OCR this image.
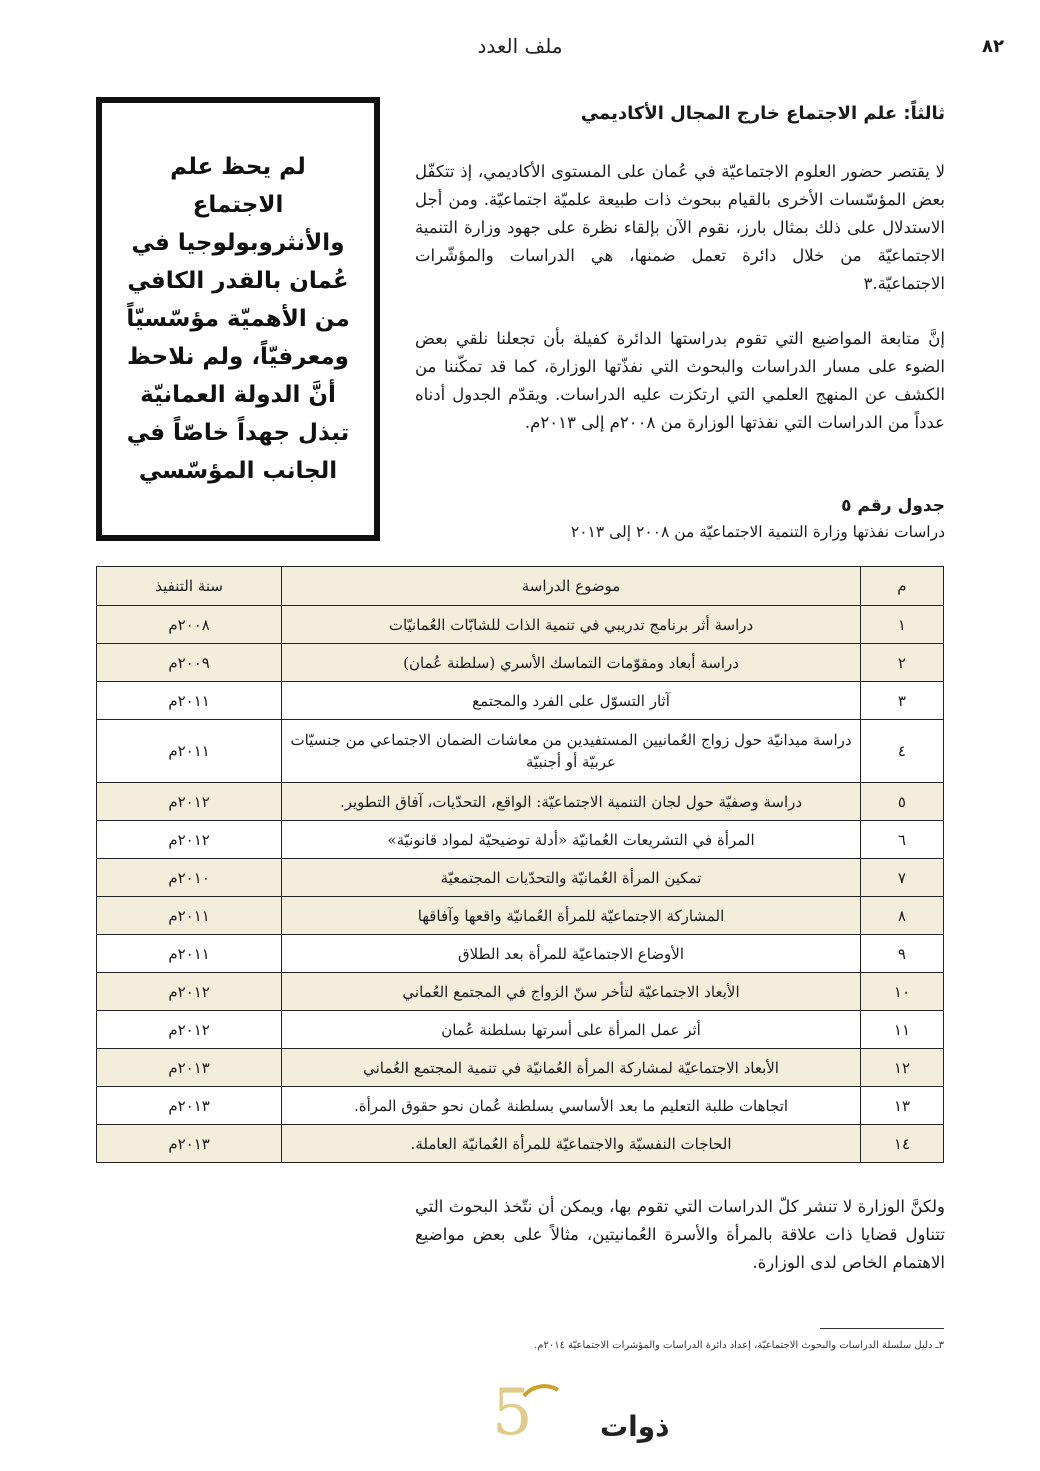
٨٢
ملف العدد

لم يحظ علم الاجتماع والأنثروبولوجيا في عُمان بالقدر الكافي من الأهميّة مؤسّسيّاً ومعرفيّاً، ولم نلاحظ أنَّ الدولة العمانيّة تبذل جهداً خاصّاً في الجانب المؤسّسي

ثالثاً: علم الاجتماع خارج المجال الأكاديمي
لا يقتصر حضور العلوم الاجتماعيّة في عُمان على المستوى الأكاديمي، إذ تتكفّل بعض المؤسّسات الأخرى بالقيام ببحوث ذات طبيعة علميّة اجتماعيّة. ومن أجل الاستدلال على ذلك بمثال بارز، نقوم الآن بإلقاء نظرة على جهود وزارة التنمية الاجتماعيّة من خلال دائرة تعمل ضمنها، هي الدراسات والمؤشّرات الاجتماعيّة.٣
إنَّ متابعة المواضيع التي تقوم بدراستها الدائرة كفيلة بأن تجعلنا نلقي بعض الضوء على مسار الدراسات والبحوث التي نفذّتها الوزارة، كما قد تمكّننا من الكشف عن المنهج العلمي التي ارتكزت عليه الدراسات. ويقدّم الجدول أدناه عدداً من الدراسات التي نفذتها الوزارة من ٢٠٠٨م إلى ٢٠١٣م.
جدول رقم ٥
دراسات نفذتها وزارة التنمية الاجتماعيّة من ٢٠٠٨ إلى ٢٠١٣
م	موضوع الدراسة	سنة التنفيذ
١	دراسة أثر برنامج تدريبي في تنمية الذات للشابّات العُمانيّات	٢٠٠٨م
٢	دراسة أبعاد ومقوّمات التماسك الأسري (سلطنة عُمان)	٢٠٠٩م
٣	آثار التسوّل على الفرد والمجتمع	٢٠١١م
٤	دراسة ميدانيّة حول زواج العُمانيين المستفيدين من معاشات الضمان الاجتماعي من جنسيّات عربيّة أو أجنبيّة	٢٠١١م
٥	دراسة وصفيّة حول لجان التنمية الاجتماعيّة: الواقع، التحدّيات، آفاق التطوير.	٢٠١٢م
٦	المرأة في التشريعات العُمانيّة «أدلة توضيحيّة لمواد قانونيّة»	٢٠١٢م
٧	تمكين المرأة العُمانيّة والتحدّيات المجتمعيّة	٢٠١٠م
٨	المشاركة الاجتماعيّة للمرأة العُمانيّة واقعها وآفاقها	٢٠١١م
٩	الأوضاع الاجتماعيّة للمرأة بعد الطلاق	٢٠١١م
١٠	الأبعاد الاجتماعيّة لتأخر سنّ الزواج في المجتمع العُماني	٢٠١٢م
١١	أثر عمل المرأة على أسرتها بسلطنة عُمان	٢٠١٢م
١٢	الأبعاد الاجتماعيّة لمشاركة المرأة العُمانيّة في تنمية المجتمع العُماني	٢٠١٣م
١٣	اتجاهات طلبة التعليم ما بعد الأساسي بسلطنة عُمان نحو حقوق المرأة.	٢٠١٣م
١٤	الحاجات النفسيّة والاجتماعيّة للمرأة العُمانيّة العاملة.	٢٠١٣م
ولكنَّ الوزارة لا تنشر كلّ الدراسات التي تقوم بها، ويمكن أن نتّخذ البحوث التي تتناول قضايا ذات علاقة بالمرأة والأسرة العُمانيتين، مثالاً على بعض مواضيع الاهتمام الخاص لدى الوزارة.
٣ـ دليل سلسلة الدراسات والبحوث الاجتماعيّة، إعداد دائرة الدراسات والمؤشرات الاجتماعيّة ٢٠١٤م.
5 ذوات
